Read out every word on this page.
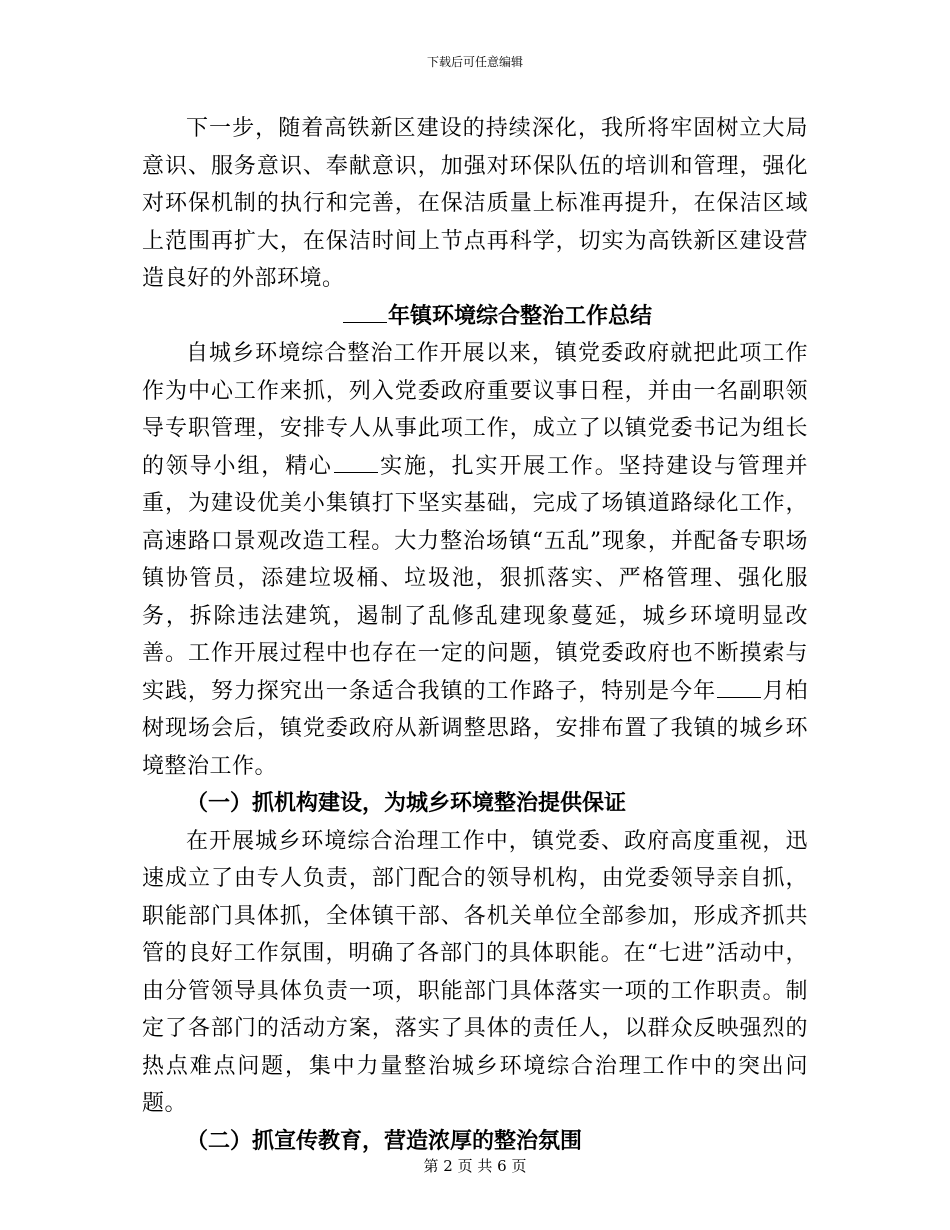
下载后可任意编辑

下一步，随着高铁新区建设的持续深化，我所将牢固树立大局意识、服务意识、奉献意识，加强对环保队伍的培训和管理，强化对环保机制的执行和完善，在保洁质量上标准再提升，在保洁区域上范围再扩大，在保洁时间上节点再科学，切实为高铁新区建设营造良好的外部环境。

年镇环境综合整治工作总结

自城乡环境综合整治工作开展以来，镇党委政府就把此项工作作为中心工作来抓，列入党委政府重要议事日程，并由一名副职领导专职管理，安排专人从事此项工作，成立了以镇党委书记为组长的领导小组，精心 实施，扎实开展工作。坚持建设与管理并重，为建设优美小集镇打下坚实基础，完成了场镇道路绿化工作，高速路口景观改造工程。大力整治场镇“五乱”现象，并配备专职场镇协管员，添建垃圾桶、垃圾池，狠抓落实、严格管理、强化服务，拆除违法建筑，遏制了乱修乱建现象蔓延，城乡环境明显改善。工作开展过程中也存在一定的问题，镇党委政府也不断摸索与实践，努力探究出一条适合我镇的工作路子，特别是今年 月柏树现场会后，镇党委政府从新调整思路，安排布置了我镇的城乡环境整治工作。

（一）抓机构建设，为城乡环境整治提供保证

在开展城乡环境综合治理工作中，镇党委、政府高度重视，迅速成立了由专人负责，部门配合的领导机构，由党委领导亲自抓，职能部门具体抓，全体镇干部、各机关单位全部参加，形成齐抓共管的良好工作氛围，明确了各部门的具体职能。在“七进”活动中，由分管领导具体负责一项，职能部门具体落实一项的工作职责。制定了各部门的活动方案，落实了具体的责任人，以群众反映强烈的热点难点问题，集中力量整治城乡环境综合治理工作中的突出问题。

（二）抓宣传教育，营造浓厚的整治氛围

第 2 页 共 6 页
